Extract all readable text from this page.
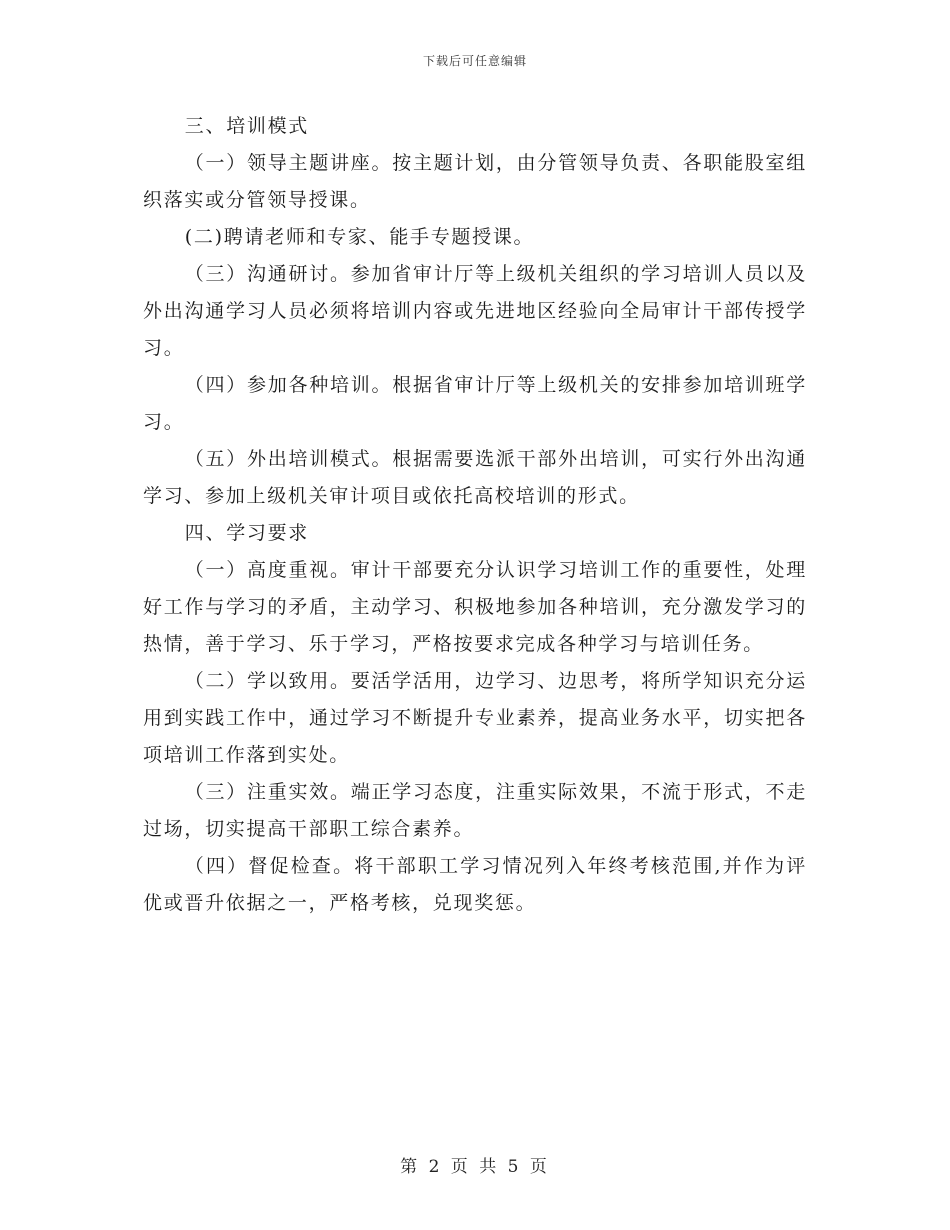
下载后可任意编辑

三、培训模式

（一）领导主题讲座。按主题计划，由分管领导负责、各职能股室组织落实或分管领导授课。

(二)聘请老师和专家、能手专题授课。

（三）沟通研讨。参加省审计厅等上级机关组织的学习培训人员以及外出沟通学习人员必须将培训内容或先进地区经验向全局审计干部传授学习。

（四）参加各种培训。根据省审计厅等上级机关的安排参加培训班学习。

（五）外出培训模式。根据需要选派干部外出培训，可实行外出沟通学习、参加上级机关审计项目或依托高校培训的形式。

四、学习要求

（一）高度重视。审计干部要充分认识学习培训工作的重要性，处理好工作与学习的矛盾，主动学习、积极地参加各种培训，充分激发学习的热情，善于学习、乐于学习，严格按要求完成各种学习与培训任务。

（二）学以致用。要活学活用，边学习、边思考，将所学知识充分运用到实践工作中，通过学习不断提升专业素养，提高业务水平，切实把各项培训工作落到实处。

（三）注重实效。端正学习态度，注重实际效果，不流于形式，不走过场，切实提高干部职工综合素养。

（四）督促检查。将干部职工学习情况列入年终考核范围,并作为评优或晋升依据之一，严格考核，兑现奖惩。

第 2 页 共 5 页
